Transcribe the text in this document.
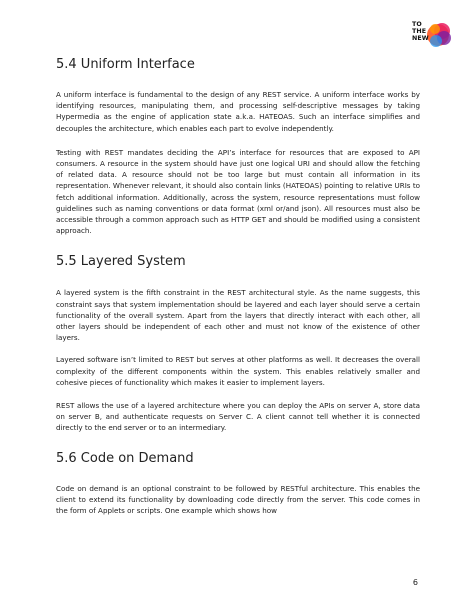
TO
THE
NEW
5.4 Uniform Interface

A uniform interface is fundamental to the design of any REST service. A uniform interface works by identifying resources, manipulating them, and processing self-descriptive messages by taking Hypermedia as the engine of application state a.k.a. HATEOAS. Such an interface simplifies and decouples the architecture, which enables each part to evolve independently.

Testing with REST mandates deciding the API’s interface for resources that are exposed to API consumers. A resource in the system should have just one logical URI and should allow the fetching of related data. A resource should not be too large but must contain all information in its representation. Whenever relevant, it should also contain links (HATEOAS) pointing to relative URIs to fetch additional information. Additionally, across the system, resource representations must follow guidelines such as naming conventions or data format (xml or/and json). All resources must also be accessible through a common approach such as HTTP GET and should be modified using a consistent approach.

5.5 Layered System

A layered system is the fifth constraint in the REST architectural style. As the name suggests, this constraint says that system implementation should be layered and each layer should serve a certain functionality of the overall system. Apart from the layers that directly interact with each other, all other layers should be independent of each other and must not know of the existence of other layers.

Layered software isn’t limited to REST but serves at other platforms as well. It decreases the overall complexity of the different components within the system. This enables relatively smaller and cohesive pieces of functionality which makes it easier to implement layers.

REST allows the use of a layered architecture where you can deploy the APIs on server A, store data on server B, and authenticate requests on Server C. A client cannot tell whether it is connected directly to the end server or to an intermediary.

5.6 Code on Demand

Code on demand is an optional constraint to be followed by RESTful architecture. This enables the client to extend its functionality by downloading code directly from the server. This code comes in the form of Applets or scripts. One example which shows how

6
